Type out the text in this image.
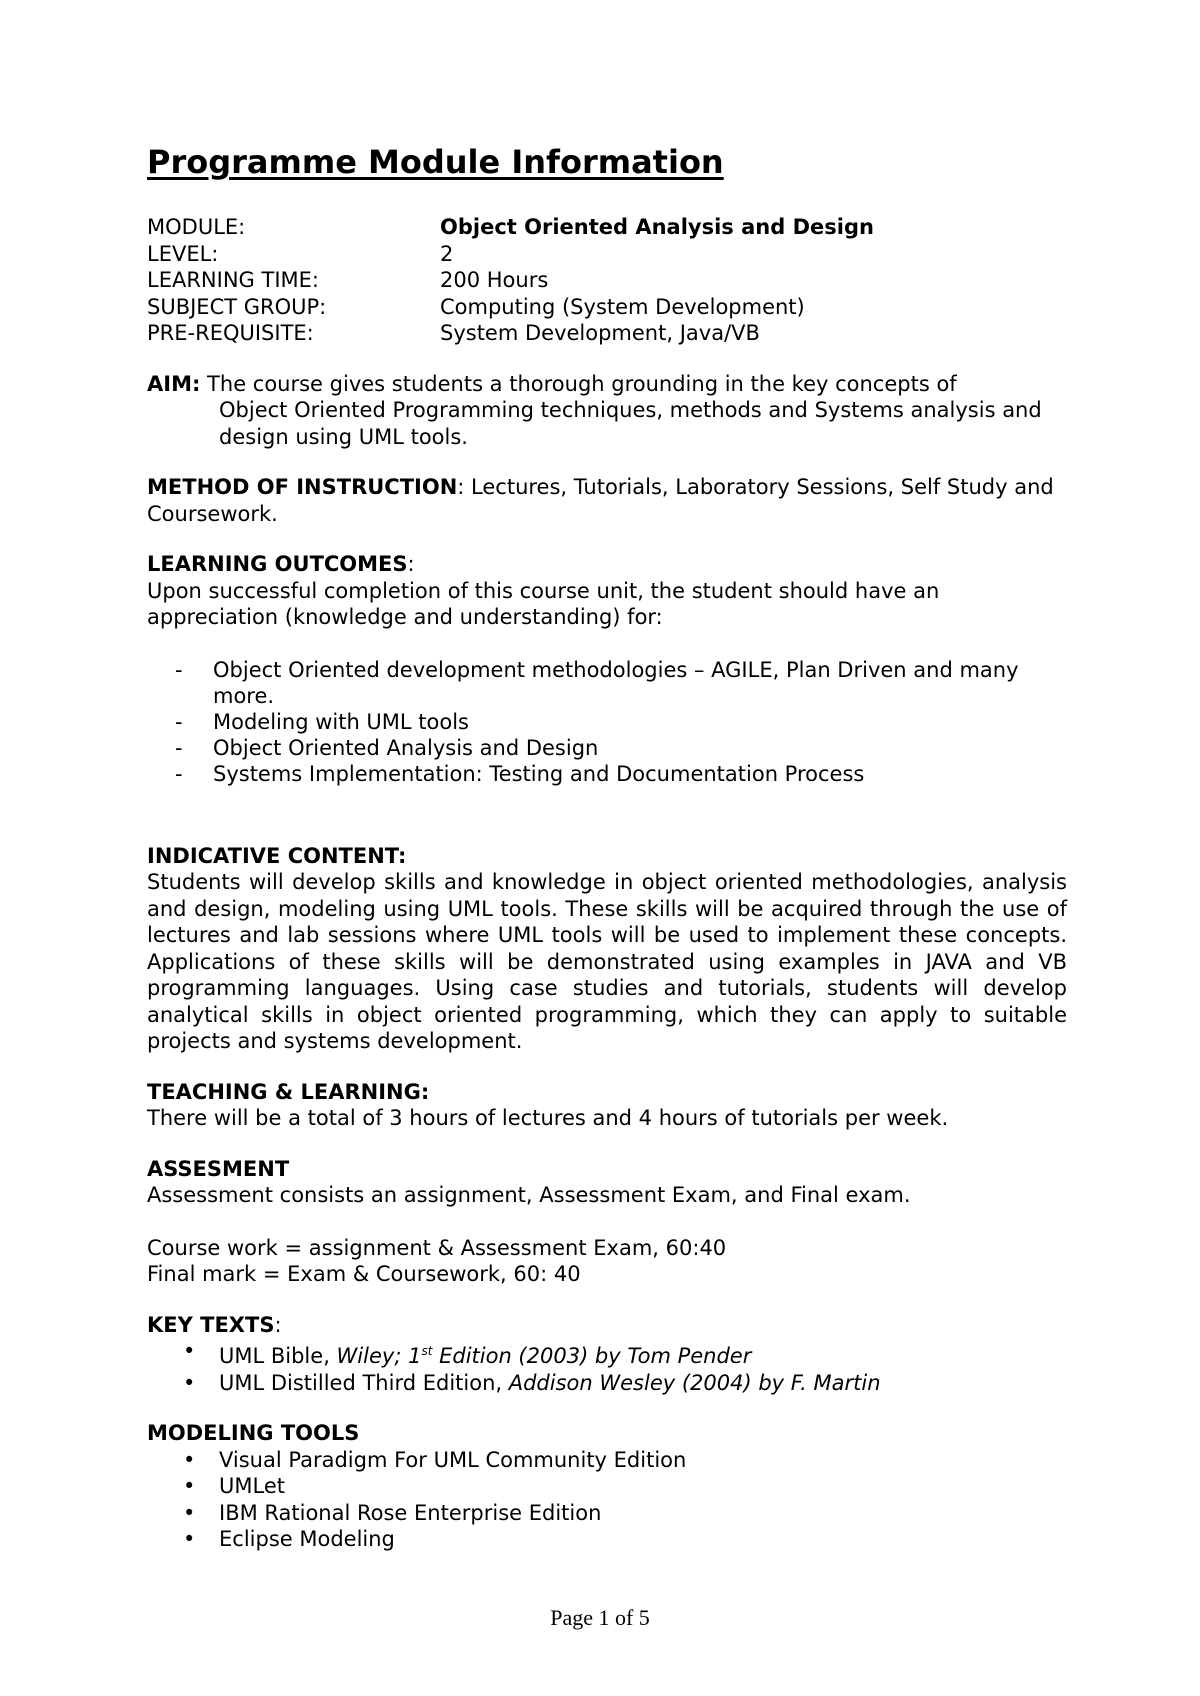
Programme Module Information
MODULE:	Object Oriented Analysis and Design
LEVEL:	2
LEARNING TIME:	200 Hours
SUBJECT GROUP:	Computing (System Development)
PRE-REQUISITE:	System Development, Java/VB
AIM: The course gives students a thorough grounding in the key concepts of
Object Oriented Programming techniques, methods and Systems analysis and design using UML tools.
METHOD OF INSTRUCTION: Lectures, Tutorials, Laboratory Sessions, Self Study and Coursework.
LEARNING OUTCOMES:
Upon successful completion of this course unit, the student should have an appreciation (knowledge and understanding) for:
- Object Oriented development methodologies – AGILE, Plan Driven and many more.
- Modeling with UML tools
- Object Oriented Analysis and Design
- Systems Implementation: Testing and Documentation Process
INDICATIVE CONTENT:
Students will develop skills and knowledge in object oriented methodologies, analysis and design, modeling using UML tools. These skills will be acquired through the use of lectures and lab sessions where UML tools will be used to implement these concepts. Applications of these skills will be demonstrated using examples in JAVA and VB programming languages. Using case studies and tutorials, students will develop analytical skills in object oriented programming, which they can apply to suitable projects and systems development.
TEACHING & LEARNING:
There will be a total of 3 hours of lectures and 4 hours of tutorials per week.
ASSESMENT
Assessment consists an assignment, Assessment Exam, and Final exam.
Course work = assignment & Assessment Exam, 60:40
Final mark = Exam & Coursework, 60: 40
KEY TEXTS:
• UML Bible, Wiley; 1st Edition (2003) by Tom Pender
• UML Distilled Third Edition, Addison Wesley (2004) by F. Martin
MODELING TOOLS
• Visual Paradigm For UML Community Edition
• UMLet
• IBM Rational Rose Enterprise Edition
• Eclipse Modeling
Page 1 of 5
